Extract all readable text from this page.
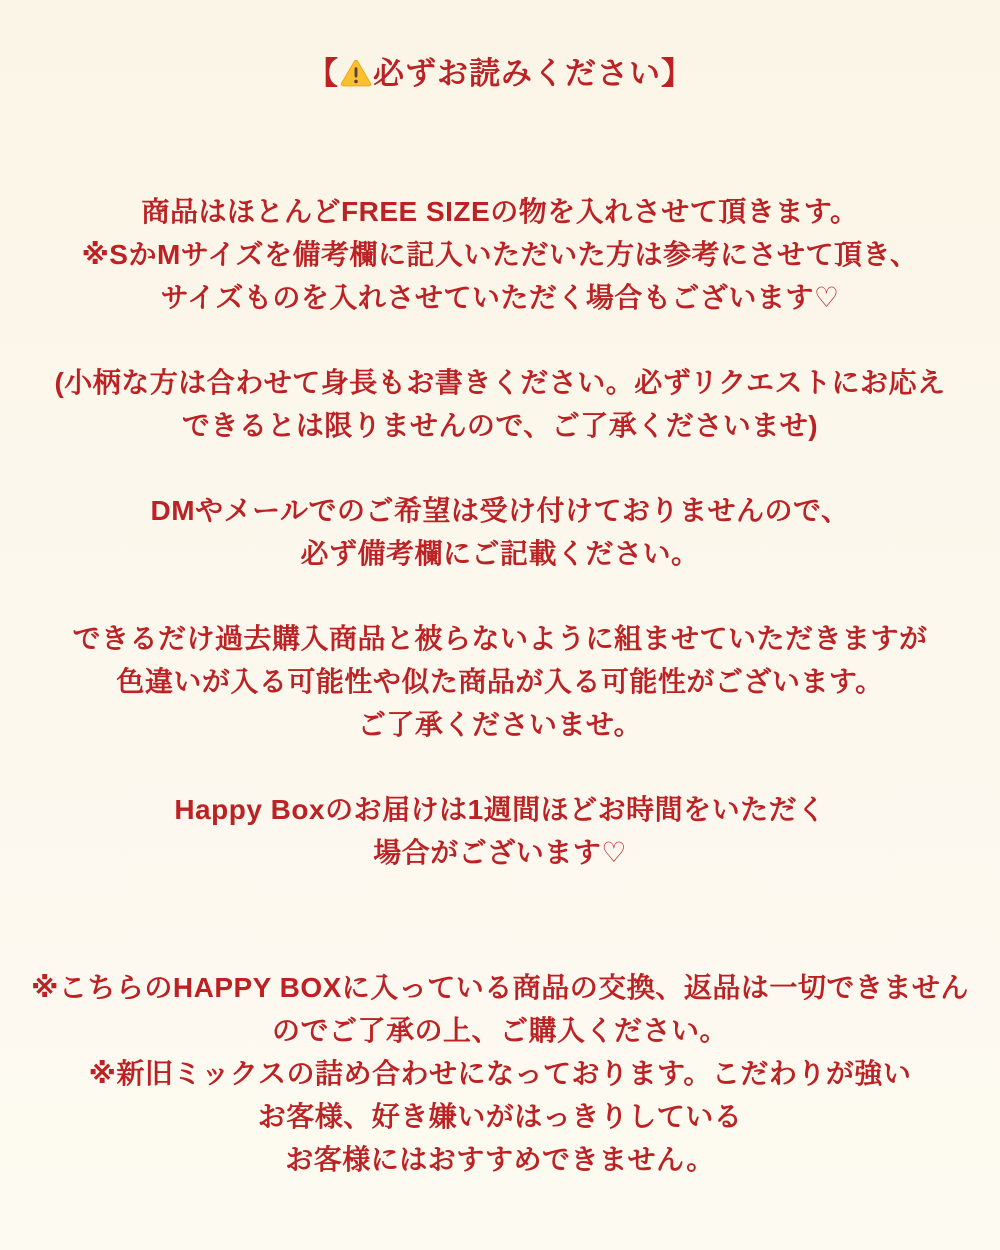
【 必ずお読みください】

商品はほとんどFREE SIZEの物を入れさせて頂きます。
※SかMサイズを備考欄に記入いただいた方は参考にさせて頂き、
サイズものを入れさせていただく場合もございます♡

(小柄な方は合わせて身長もお書きください。必ずリクエストにお応え
できるとは限りませんので、ご了承くださいませ)

DMやメールでのご希望は受け付けておりませんので、
必ず備考欄にご記載ください。

できるだけ過去購入商品と被らないように組ませていただきますが
色違いが入る可能性や似た商品が入る可能性がございます。
ご了承くださいませ。

Happy Boxのお届けは1週間ほどお時間をいただく
場合がございます♡

※こちらのHAPPY BOXに入っている商品の交換、返品は一切できません
のでご了承の上、ご購入ください。
※新旧ミックスの詰め合わせになっております。こだわりが強い
お客様、好き嫌いがはっきりしている
お客様にはおすすめできません。
